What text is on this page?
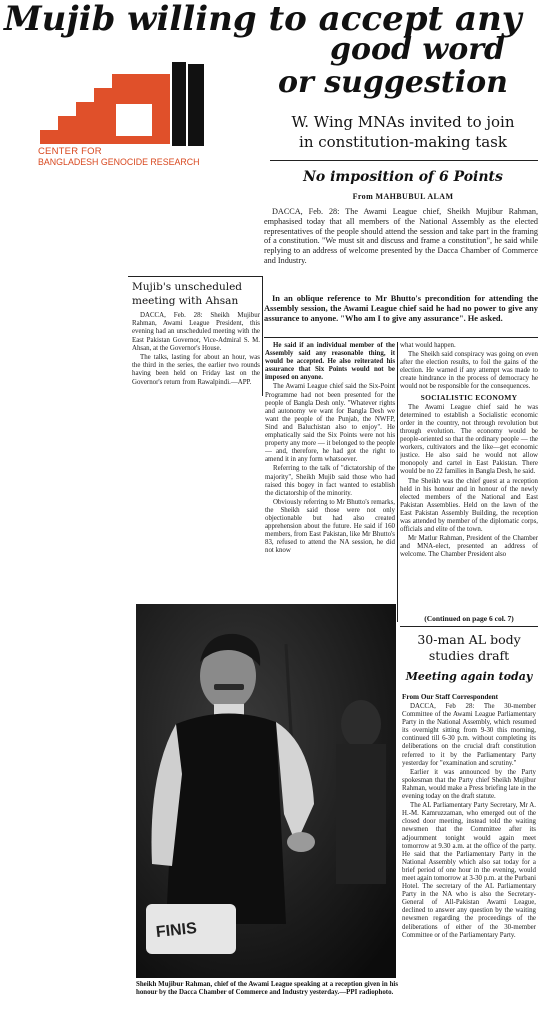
Mujib willing to accept any
good word
or suggestion
CENTER FOR
BANGLADESH GENOCIDE RESEARCH
W. Wing MNAs invited to join
in constitution-making task
No imposition of 6 Points
From MAHBUBUL ALAM

DACCA, Feb. 28: The Awami League chief, Sheikh Mujibur Rahman, emphasised today that all members of the National Assembly as the elected representatives of the people should attend the session and take part in the framing of a constitution. "We must sit and discuss and frame a constitution", he said while replying to an address of welcome presented by the Dacca Chamber of Commerce and Industry.

In an oblique reference to Mr Bhutto's precondition for attending the Assembly session, the Awami League chief said he had no power to give any assurance to anyone. "Who am I to give any assurance". He asked.

Mujib's unscheduled
meeting with Ahsan

DACCA, Feb. 28: Sheikh Mujibur Rahman, Awami League President, this evening had an unscheduled meeting with the East Pakistan Governor, Vice-Admiral S. M. Ahsan, at the Governor's House.

The talks, lasting for about an hour, was the third in the series, the earlier two rounds having been held on Friday last on the Governor's return from Rawalpindi.—APP.

He said if an individual member of the Assembly said any reasonable thing, it would be accepted. He also reiterated his assurance that Six Points would not be imposed on anyone.

The Awami League chief said the Six-Point Programme had not been presented for the people of Bangla Desh only. "Whatever rights and autonomy we want for Bangla Desh we want the people of the Punjab, the NWFP, Sind and Baluchistan also to enjoy". He emphatically said the Six Points were not his property any more — it belonged to the people — and, therefore, he had got the right to amend it in any form whatsoever.

Referring to the talk of "dictatorship of the majority", Sheikh Mujib said those who had raised this bogey in fact wanted to establish the dictatorship of the minority.

Obviously referring to Mr Bhutto's remarks, the Sheikh said those were not only objectionable but had also created apprehension about the future. He said if 160 members, from East Pakistan, like Mr Bhutto's 83, refused to attend the NA session, he did not know

what would happen.

The Sheikh said conspiracy was going on even after the election results, to foil the gains of the election. He warned if any attempt was made to create hindrance in the process of democracy he would not be responsible for the consequences.

SOCIALISTIC ECONOMY

The Awami League chief said he was determined to establish a Socialistic economic order in the country, not through revolution but through evolution. The economy would be people-oriented so that the ordinary people — the workers, cultivators and the like—get economic justice. He also said he would not allow monopoly and cartel in East Pakistan. There would be no 22 families in Bangla Desh, he said.

The Sheikh was the chief guest at a reception held in his honour and in honour of the newly elected members of the National and East Pakistan Assemblies. Held on the lawn of the East Pakistan Assembly Building, the reception was attended by member of the diplomatic corps, officials and elite of the town.

Mr Matlur Rahman, President of the Chamber and MNA-elect, presented an address of welcome. The Chamber President also

(Continued on page 6 col. 7)
FINIS
Sheikh Mujibur Rahman, chief of the Awami League speaking at a reception given in his honour by the Dacca Chamber of Commerce and Industry yesterday.—PPI radiophoto.
30-man AL body
studies draft
Meeting again today
From Our Staff Correspondent

DACCA, Feb 28: The 30-member Committee of the Awami League Parliamentary Party in the National Assembly, which resumed its overnight sitting from 9-30 this morning, continued till 6-30 p.m. without completing its deliberations on the crucial draft constitution referred to it by the Parliamentary Party yesterday for "examination and scrutiny."

Earlier it was announced by the Party spokesman that the Party chief Sheikh Mujibur Rahman, would make a Press briefing late in the evening today on the draft statute.

The AL Parliamentary Party Secretary, Mr A. H.-M. Kamruzzaman, who emerged out of the closed door meeting, instead told the waiting newsmen that the Committee after its adjournment tonight would again meet tomorrow at 9.30 a.m. at the office of the party. He said that the Parliamentary Party in the National Assembly which also sat today for a brief period of one hour in the evening, would meet again tomorrow at 3-30 p.m. at the Purbani Hotel. The secretary of the AL Parliamentary Party in the NA who is also the Secretary-General of All-Pakistan Awami League, declined to answer any question by the waiting newsmen regarding the proceedings of the deliberations of either of the 30-member Committee or of the Parliamentary Party.
